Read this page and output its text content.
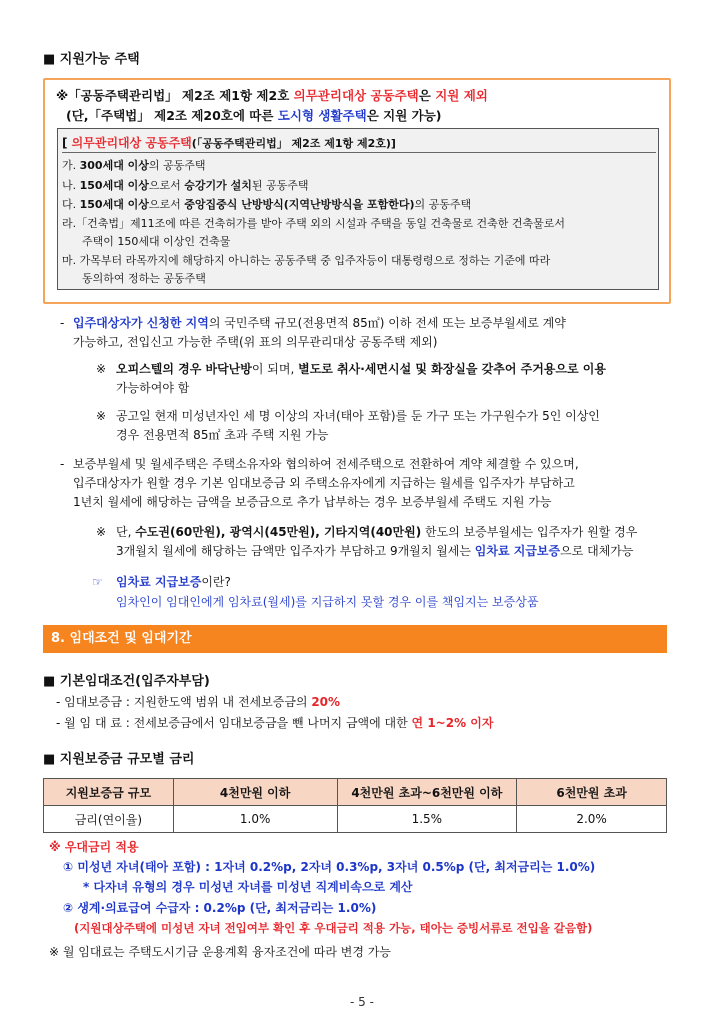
■ 지원가능 주택
※「공동주택관리법」 제2조 제1항 제2호 의무관리대상 공동주택은 지원 제외
(단,「주택법」 제2조 제20호에 따른 도시형 생활주택은 지원 가능)
[ 의무관리대상 공동주택(「공동주택관리법」 제2조 제1항 제2호)]
가. 300세대 이상의 공동주택
나. 150세대 이상으로서 승강기가 설치된 공동주택
다. 150세대 이상으로서 중앙집중식 난방방식(지역난방방식을 포함한다)의 공동주택
라.「건축법」제11조에 따른 건축허가를 받아 주택 외의 시설과 주택을 동일 건축물로 건축한 건축물로서
주택이 150세대 이상인 건축물
마. 가목부터 라목까지에 해당하지 아니하는 공동주택 중 입주자등이 대통령령으로 정하는 기준에 따라
동의하여 정하는 공동주택
- 입주대상자가 신청한 지역의 국민주택 규모(전용면적 85㎡) 이하 전세 또는 보증부월세로 계약
가능하고, 전입신고 가능한 주택(위 표의 의무관리대상 공동주택 제외)
※ 오피스텔의 경우 바닥난방이 되며, 별도로 취사·세면시설 및 화장실을 갖추어 주거용으로 이용
가능하여야 함
※ 공고일 현재 미성년자인 세 명 이상의 자녀(태아 포함)를 둔 가구 또는 가구원수가 5인 이상인
경우 전용면적 85㎡ 초과 주택 지원 가능
- 보증부월세 및 월세주택은 주택소유자와 협의하여 전세주택으로 전환하여 계약 체결할 수 있으며,
입주대상자가 원할 경우 기본 임대보증금 외 주택소유자에게 지급하는 월세를 입주자가 부담하고
1년치 월세에 해당하는 금액을 보증금으로 추가 납부하는 경우 보증부월세 주택도 지원 가능
※ 단, 수도권(60만원), 광역시(45만원), 기타지역(40만원) 한도의 보증부월세는 입주자가 원할 경우
3개월치 월세에 해당하는 금액만 입주자가 부담하고 9개월치 월세는 임차료 지급보증으로 대체가능
☞ 임차료 지급보증이란?
임차인이 임대인에게 임차료(월세)를 지급하지 못할 경우 이를 책임지는 보증상품
8. 임대조건 및 임대기간
■ 기본임대조건(입주자부담)
- 임대보증금 : 지원한도액 범위 내 전세보증금의 20%
- 월 임 대 료 : 전세보증금에서 임대보증금을 뺀 나머지 금액에 대한 연 1~2% 이자
■ 지원보증금 규모별 금리
지원보증금 규모	4천만원 이하	4천만원 초과~6천만원 이하	6천만원 초과
금리(연이율)	1.0%	1.5%	2.0%
※ 우대금리 적용
① 미성년 자녀(태아 포함) : 1자녀 0.2%p, 2자녀 0.3%p, 3자녀 0.5%p (단, 최저금리는 1.0%)
* 다자녀 유형의 경우 미성년 자녀를 미성년 직계비속으로 계산
② 생계·의료급여 수급자 : 0.2%p (단, 최저금리는 1.0%)
(지원대상주택에 미성년 자녀 전입여부 확인 후 우대금리 적용 가능, 태아는 증빙서류로 전입을 갈음함)
※ 월 임대료는 주택도시기금 운용계획 융자조건에 따라 변경 가능
- 5 -
